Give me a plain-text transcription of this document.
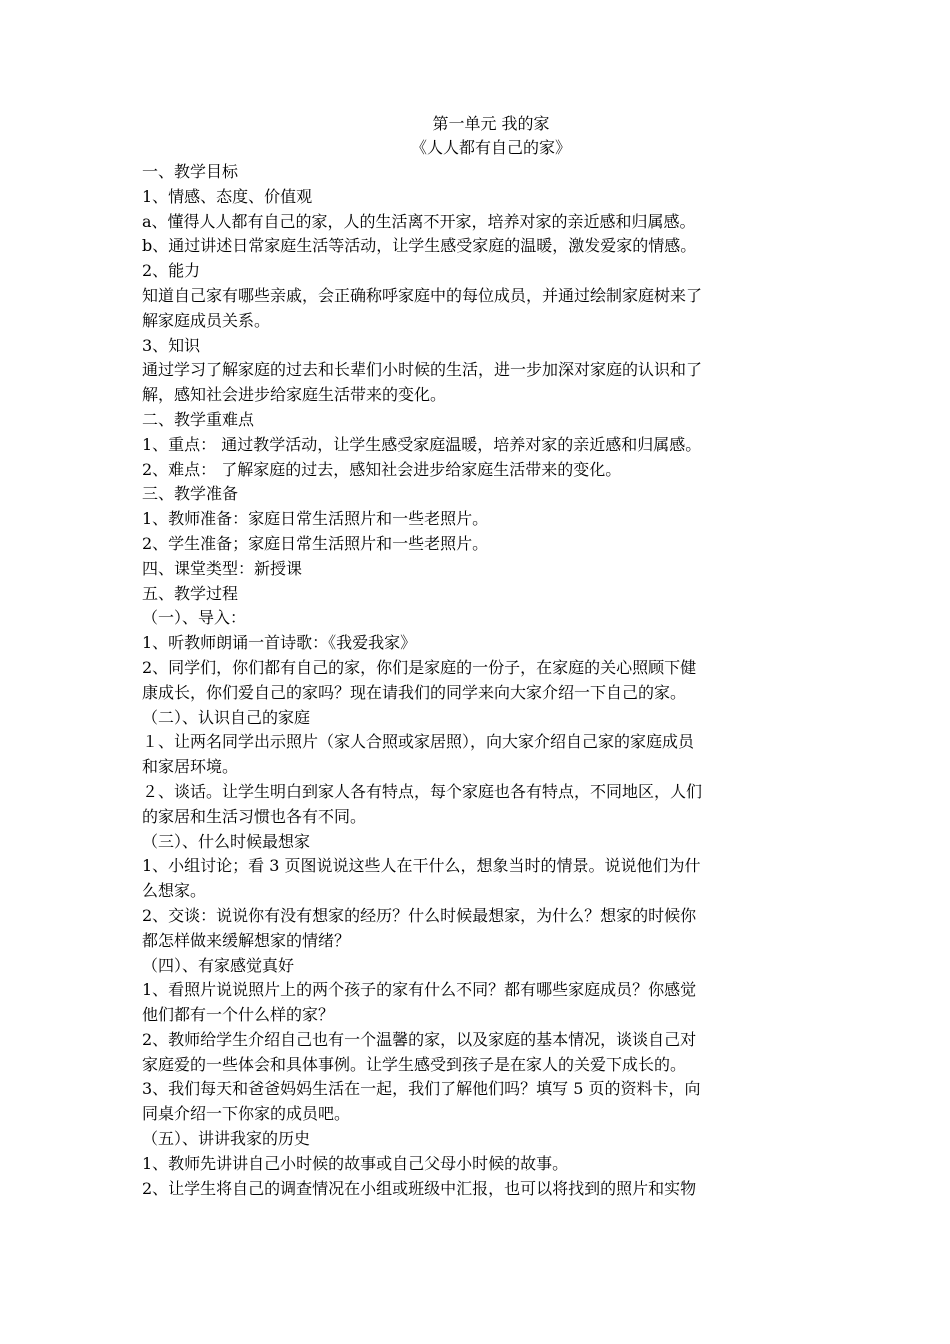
第一单元 我的家

《人人都有自己的家》

一、教学目标

1、情感、态度、价值观

a、懂得人人都有自己的家，人的生活离不开家，培养对家的亲近感和归属感。

b、通过讲述日常家庭生活等活动，让学生感受家庭的温暖，激发爱家的情感。

2、能力

知道自己家有哪些亲戚，会正确称呼家庭中的每位成员，并通过绘制家庭树来了

解家庭成员关系。

3、知识

通过学习了解家庭的过去和长辈们小时候的生活，进一步加深对家庭的认识和了

解，感知社会进步给家庭生活带来的变化。

二、教学重难点

1、重点： 通过教学活动，让学生感受家庭温暖，培养对家的亲近感和归属感。

2、难点： 了解家庭的过去，感知社会进步给家庭生活带来的变化。

三、教学准备

1、教师准备：家庭日常生活照片和一些老照片。

2、学生准备；家庭日常生活照片和一些老照片。

四、课堂类型：新授课

五、教学过程

（一）、导入：

1、听教师朗诵一首诗歌：《我爱我家》

2、同学们，你们都有自己的家，你们是家庭的一份子，在家庭的关心照顾下健

康成长，你们爱自己的家吗？现在请我们的同学来向大家介绍一下自己的家。

（二）、认识自己的家庭

１、让两名同学出示照片（家人合照或家居照），向大家介绍自己家的家庭成员

和家居环境。

２、谈话。让学生明白到家人各有特点，每个家庭也各有特点，不同地区，人们

的家居和生活习惯也各有不同。

（三）、什么时候最想家

1、小组讨论；看 3 页图说说这些人在干什么，想象当时的情景。说说他们为什

么想家。

2、交谈：说说你有没有想家的经历？什么时候最想家，为什么？想家的时候你

都怎样做来缓解想家的情绪？

（四）、有家感觉真好

1、看照片说说照片上的两个孩子的家有什么不同？都有哪些家庭成员？你感觉

他们都有一个什么样的家？

2、教师给学生介绍自己也有一个温馨的家，以及家庭的基本情况，谈谈自己对

家庭爱的一些体会和具体事例。让学生感受到孩子是在家人的关爱下成长的。

3、我们每天和爸爸妈妈生活在一起，我们了解他们吗？填写 5 页的资料卡，向

同桌介绍一下你家的成员吧。

（五）、讲讲我家的历史

1、教师先讲讲自己小时候的故事或自己父母小时候的故事。

2、让学生将自己的调查情况在小组或班级中汇报，也可以将找到的照片和实物
